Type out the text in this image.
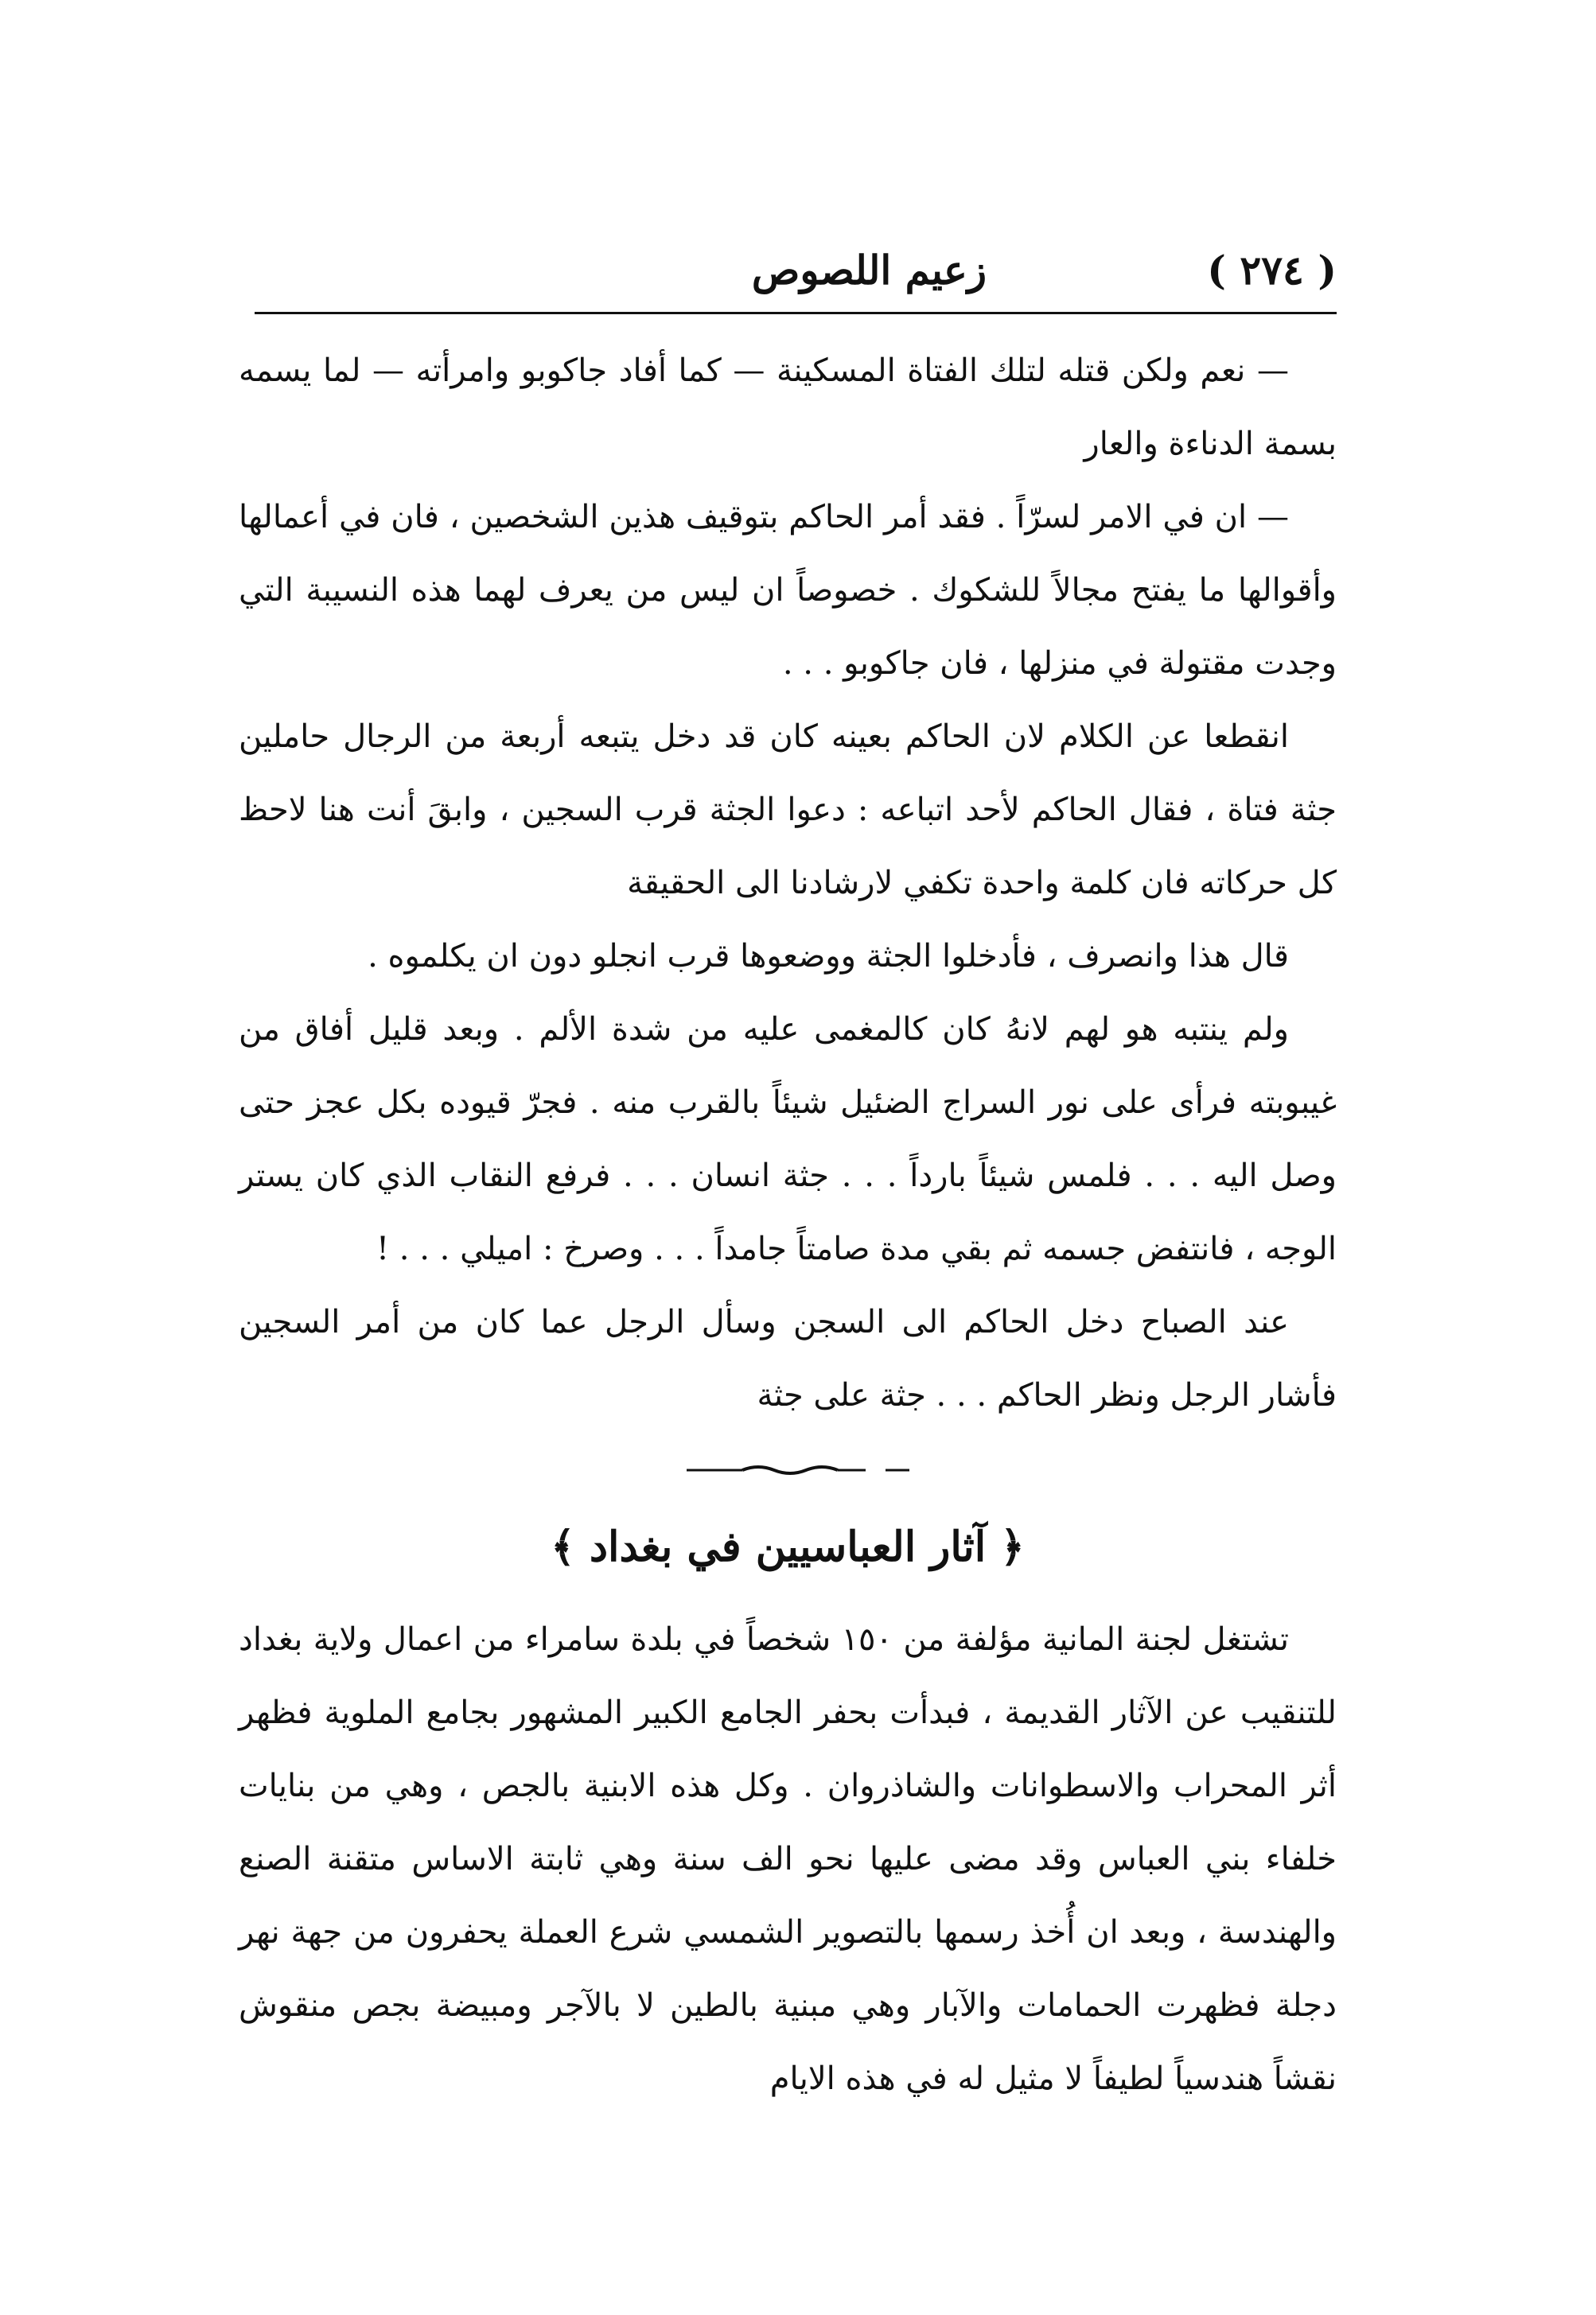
( ٢٧٤ )
زعيم اللصوص

— نعم ولكن قتله لتلك الفتاة المسكينة — كما أفاد جاكوبو وامرأته — لما يسمه بسمة الدناءة والعار

— ان في الامر لسرّاً . فقد أمر الحاكم بتوقيف هذين الشخصين ، فان في أعمالها وأقوالها ما يفتح مجالاً للشكوك . خصوصاً ان ليس من يعرف لهما هذه النسيبة التي وجدت مقتولة في منزلها ، فان جاكوبو . . .

انقطعا عن الكلام لان الحاكم بعينه كان قد دخل يتبعه أربعة من الرجال حاملين جثة فتاة ، فقال الحاكم لأحد اتباعه : دعوا الجثة قرب السجين ، وابقَ أنت هنا لاحظ كل حركاته فان كلمة واحدة تكفي لارشادنا الى الحقيقة

قال هذا وانصرف ، فأدخلوا الجثة ووضعوها قرب انجلو دون ان يكلموه .

ولم ينتبه هو لهم لانهُ كان كالمغمى عليه من شدة الألم . وبعد قليل أفاق من غيبوبته فرأى على نور السراج الضئيل شيئاً بالقرب منه . فجرّ قيوده بكل عجز حتى وصل اليه . . . فلمس شيئاً بارداً . . . جثة انسان . . . فرفع النقاب الذي كان يستر الوجه ، فانتفض جسمه ثم بقي مدة صامتاً جامداً . . . وصرخ : اميلي . . . !

عند الصباح دخل الحاكم الى السجن وسأل الرجل عما كان من أمر السجين فأشار الرجل ونظر الحاكم . . . جثة على جثة

﴿ آثار العباسيين في بغداد ﴾

تشتغل لجنة المانية مؤلفة من ١٥٠ شخصاً في بلدة سامراء من اعمال ولاية بغداد للتنقيب عن الآثار القديمة ، فبدأت بحفر الجامع الكبير المشهور بجامع الملوية فظهر أثر المحراب والاسطوانات والشاذروان . وكل هذه الابنية بالجص ، وهي من بنايات خلفاء بني العباس وقد مضى عليها نحو الف سنة وهي ثابتة الاساس متقنة الصنع والهندسة ، وبعد ان أُخذ رسمها بالتصوير الشمسي شرع العملة يحفرون من جهة نهر دجلة فظهرت الحمامات والآبار وهي مبنية بالطين لا بالآجر ومبيضة بجص منقوش نقشاً هندسياً لطيفاً لا مثيل له في هذه الايام
